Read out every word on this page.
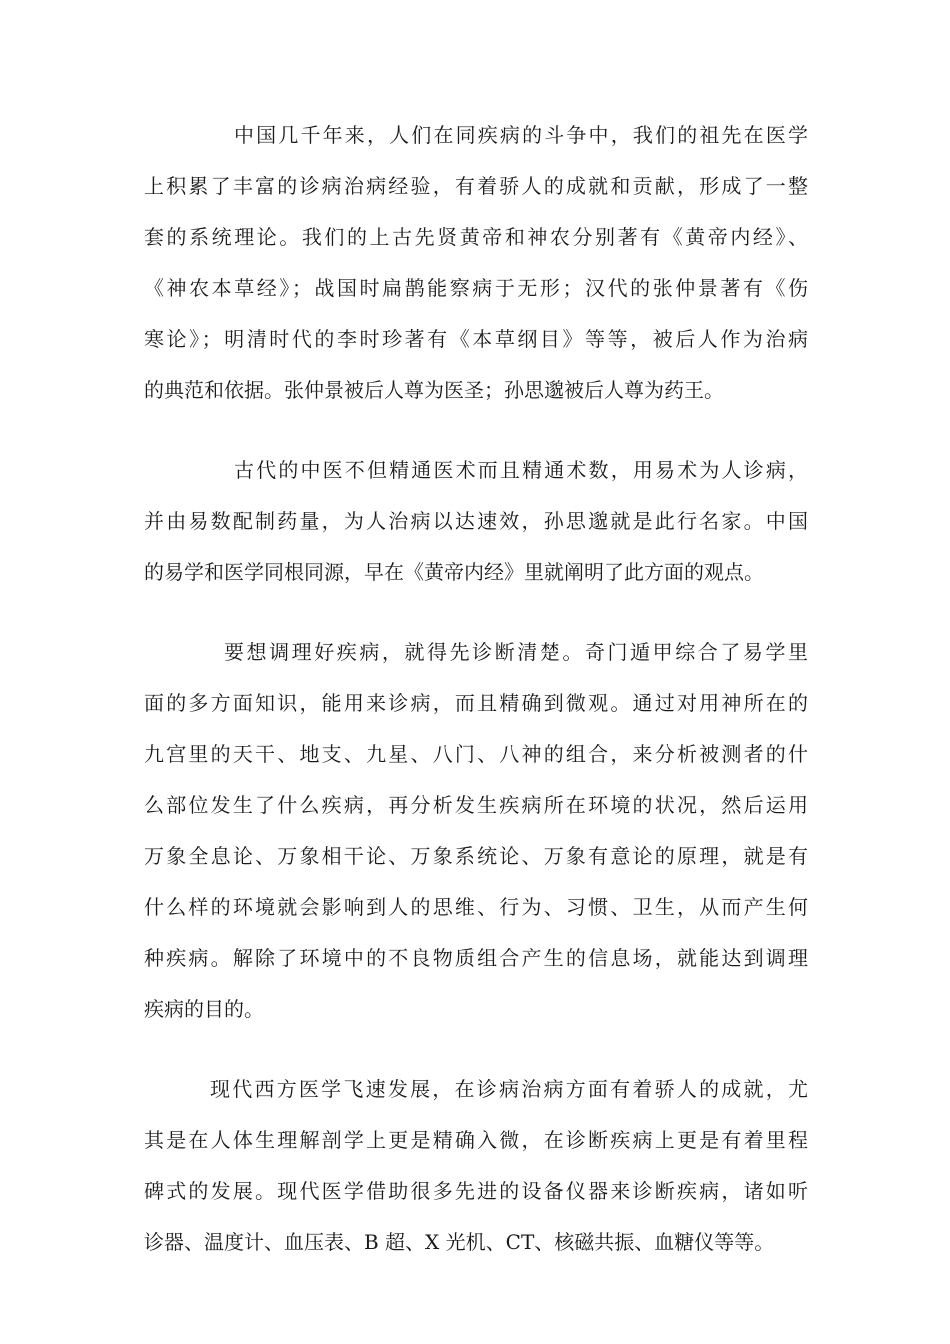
中国几千年来，人们在同疾病的斗争中，我们的祖先在医学
上积累了丰富的诊病治病经验，有着骄人的成就和贡献，形成了一整
套的系统理论。我们的上古先贤黄帝和神农分别著有《黄帝内经》、
《神农本草经》；战国时扁鹊能察病于无形；汉代的张仲景著有《伤
寒论》；明清时代的李时珍著有《本草纲目》等等，被后人作为治病
的典范和依据。张仲景被后人尊为医圣；孙思邈被后人尊为药王。
古代的中医不但精通医术而且精通术数，用易术为人诊病，
并由易数配制药量，为人治病以达速效，孙思邈就是此行名家。中国
的易学和医学同根同源，早在《黄帝内经》里就阐明了此方面的观点。
要想调理好疾病，就得先诊断清楚。奇门遁甲综合了易学里
面的多方面知识，能用来诊病，而且精确到微观。通过对用神所在的
九宫里的天干、地支、九星、八门、八神的组合，来分析被测者的什
么部位发生了什么疾病，再分析发生疾病所在环境的状况，然后运用
万象全息论、万象相干论、万象系统论、万象有意论的原理，就是有
什么样的环境就会影响到人的思维、行为、习惯、卫生，从而产生何
种疾病。解除了环境中的不良物质组合产生的信息场，就能达到调理
疾病的目的。
现代西方医学飞速发展，在诊病治病方面有着骄人的成就，尤
其是在人体生理解剖学上更是精确入微，在诊断疾病上更是有着里程
碑式的发展。现代医学借助很多先进的设备仪器来诊断疾病，诸如听
诊器、温度计、血压表、B 超、X 光机、CT、核磁共振、血糖仪等等。
